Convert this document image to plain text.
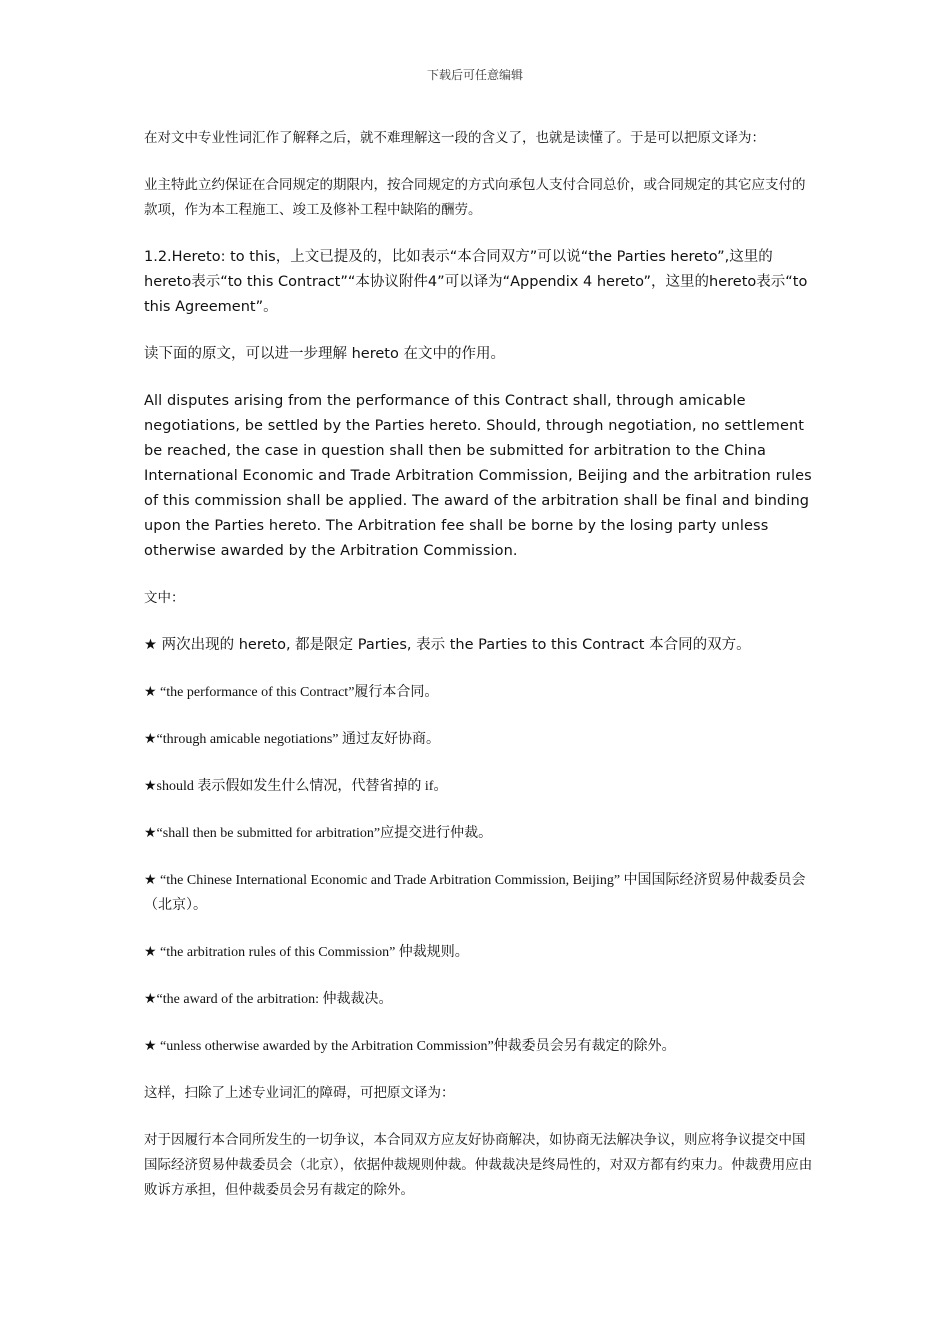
下载后可任意编辑

在对文中专业性词汇作了解释之后，就不难理解这一段的含义了，也就是读懂了。于是可以把原文译为：

业主特此立约保证在合同规定的期限内，按合同规定的方式向承包人支付合同总价，或合同规定的其它应支付的款项，作为本工程施工、竣工及修补工程中缺陷的酬劳。

1.2.Hereto: to this，上文已提及的，比如表示“本合同双方”可以说“the Parties hereto”,这里的hereto表示“to this Contract”“本协议附件4”可以译为“Appendix 4 hereto”，这里的hereto表示“to this Agreement”。

读下面的原文，可以进一步理解 hereto 在文中的作用。

All disputes arising from the performance of this Contract shall, through amicable negotiations, be settled by the Parties hereto. Should, through negotiation, no settlement be reached, the case in question shall then be submitted for arbitration to the China International Economic and Trade Arbitration Commission, Beijing and the arbitration rules of this commission shall be applied. The award of the arbitration shall be final and binding upon the Parties hereto. The Arbitration fee shall be borne by the losing party unless otherwise awarded by the Arbitration Commission.

文中：

★ 两次出现的 hereto, 都是限定 Parties, 表示 the Parties to this Contract 本合同的双方。

★ “the performance of this Contract”履行本合同。

★“through amicable negotiations” 通过友好协商。

★should 表示假如发生什么情况，代替省掉的 if。

★“shall then be submitted for arbitration”应提交进行仲裁。

★ “the Chinese International Economic and Trade Arbitration Commission, Beijing” 中国国际经济贸易仲裁委员会（北京）。

★ “the arbitration rules of this Commission” 仲裁规则。

★“the award of the arbitration: 仲裁裁决。

★ “unless otherwise awarded by the Arbitration Commission”仲裁委员会另有裁定的除外。

这样，扫除了上述专业词汇的障碍，可把原文译为：

对于因履行本合同所发生的一切争议，本合同双方应友好协商解决，如协商无法解决争议，则应将争议提交中国国际经济贸易仲裁委员会（北京），依据仲裁规则仲裁。仲裁裁决是终局性的，对双方都有约束力。仲裁费用应由败诉方承担，但仲裁委员会另有裁定的除外。
